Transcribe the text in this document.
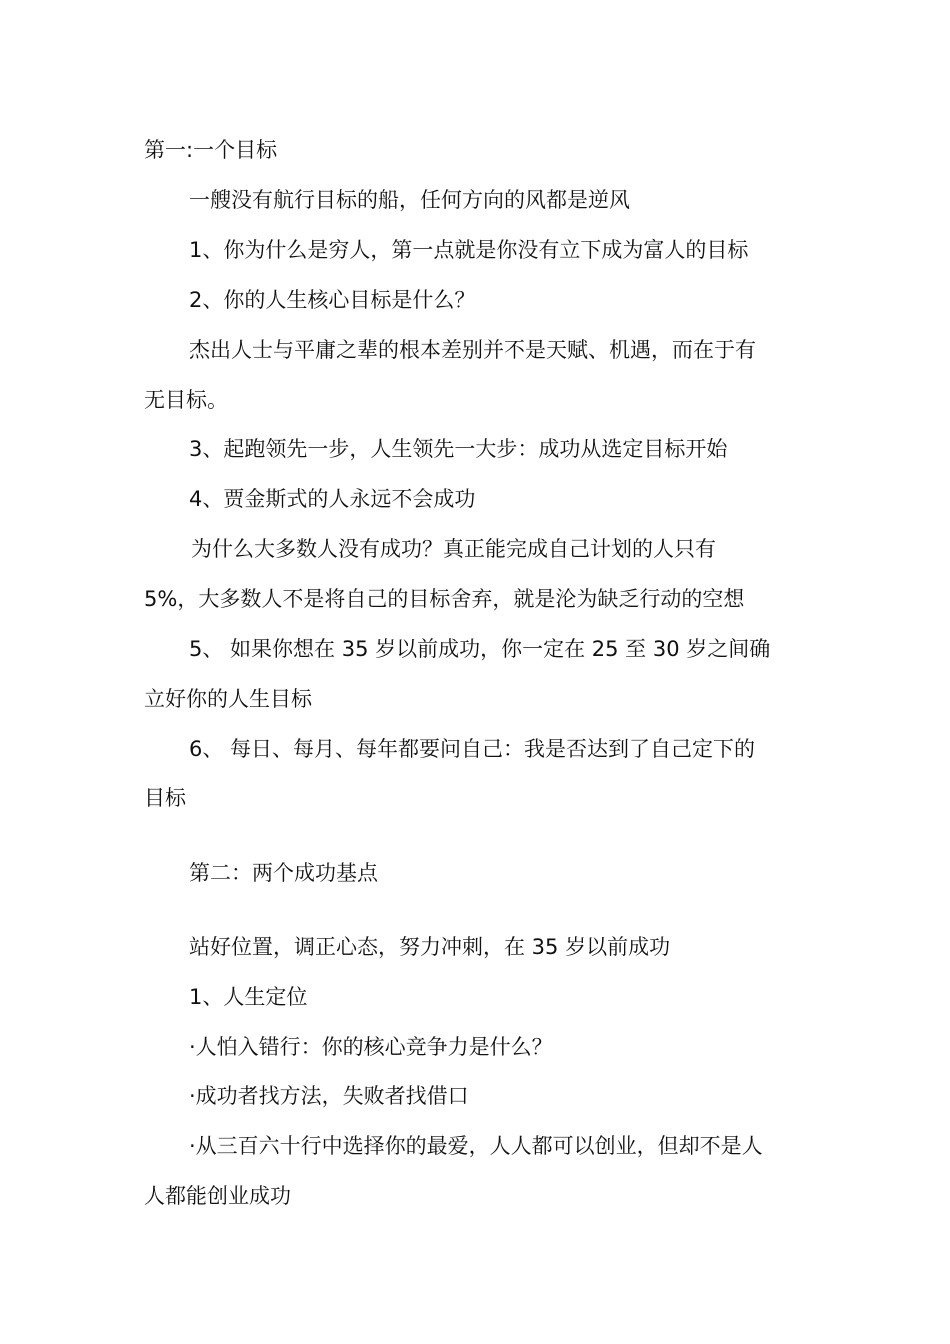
第一:一个目标

一艘没有航行目标的船，任何方向的风都是逆风

1、你为什么是穷人，第一点就是你没有立下成为富人的目标

2、你的人生核心目标是什么？

杰出人士与平庸之辈的根本差别并不是天赋、机遇，而在于有

无目标。

3、起跑领先一步，人生领先一大步：成功从选定目标开始

4、贾金斯式的人永远不会成功

为什么大多数人没有成功？真正能完成自己计划的人只有

5%，大多数人不是将自己的目标舍弃，就是沦为缺乏行动的空想

5、 如果你想在 35 岁以前成功，你一定在 25 至 30 岁之间确

立好你的人生目标

6、 每日、每月、每年都要问自己：我是否达到了自己定下的

目标

第二：两个成功基点

站好位置，调正心态，努力冲刺，在 35 岁以前成功

1、人生定位

·人怕入错行：你的核心竞争力是什么？

·成功者找方法，失败者找借口

·从三百六十行中选择你的最爱，人人都可以创业，但却不是人

人都能创业成功
